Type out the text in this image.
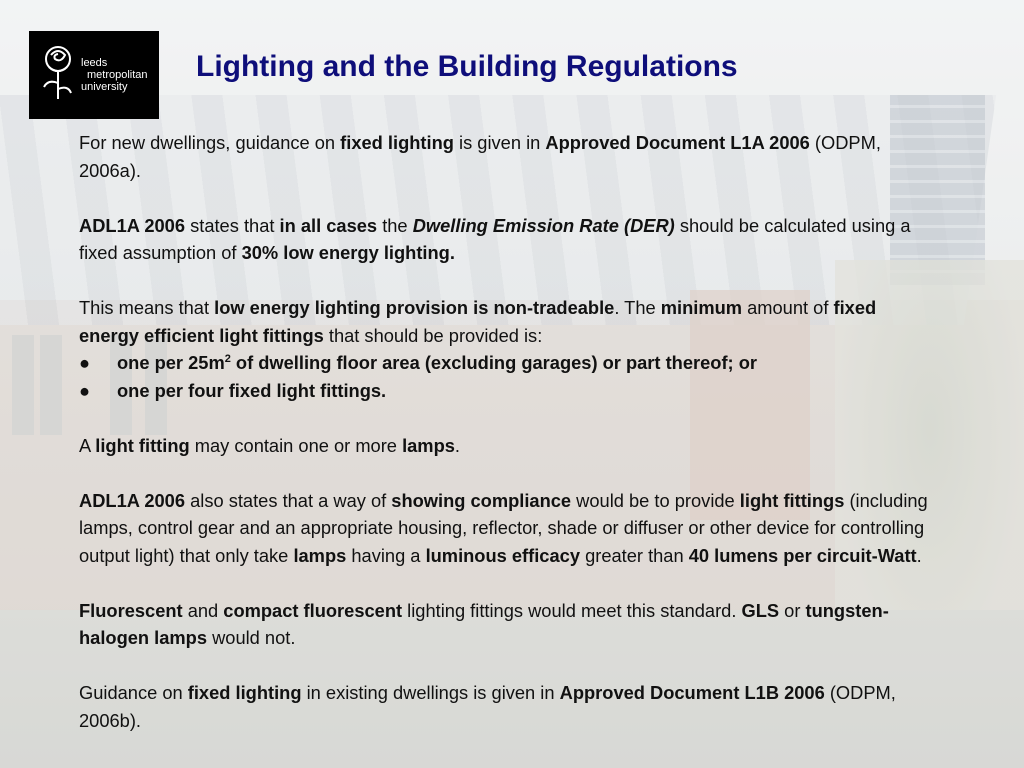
leeds
metropolitan
university
Lighting and the Building Regulations

For new dwellings, guidance on fixed lighting is given in Approved Document L1A 2006 (ODPM, 2006a).

ADL1A 2006 states that in all cases the Dwelling Emission Rate (DER) should be calculated using a fixed assumption of 30% low energy lighting.

This means that low energy lighting provision is non-tradeable. The minimum amount of fixed energy efficient light fittings that should be provided is:

●	one per $25m^2$ of dwelling floor area (excluding garages) or part thereof; or
●	one per four fixed light fittings.

A light fitting may contain one or more lamps.

ADL1A 2006 also states that a way of showing compliance would be to provide light fittings (including lamps, control gear and an appropriate housing, reflector, shade or diffuser or other device for controlling output light) that only take lamps having a luminous efficacy greater than 40 lumens per circuit-Watt.

Fluorescent and compact fluorescent lighting fittings would meet this standard. GLS or tungsten-halogen lamps would not.

Guidance on fixed lighting in existing dwellings is given in Approved Document L1B 2006 (ODPM, 2006b).
